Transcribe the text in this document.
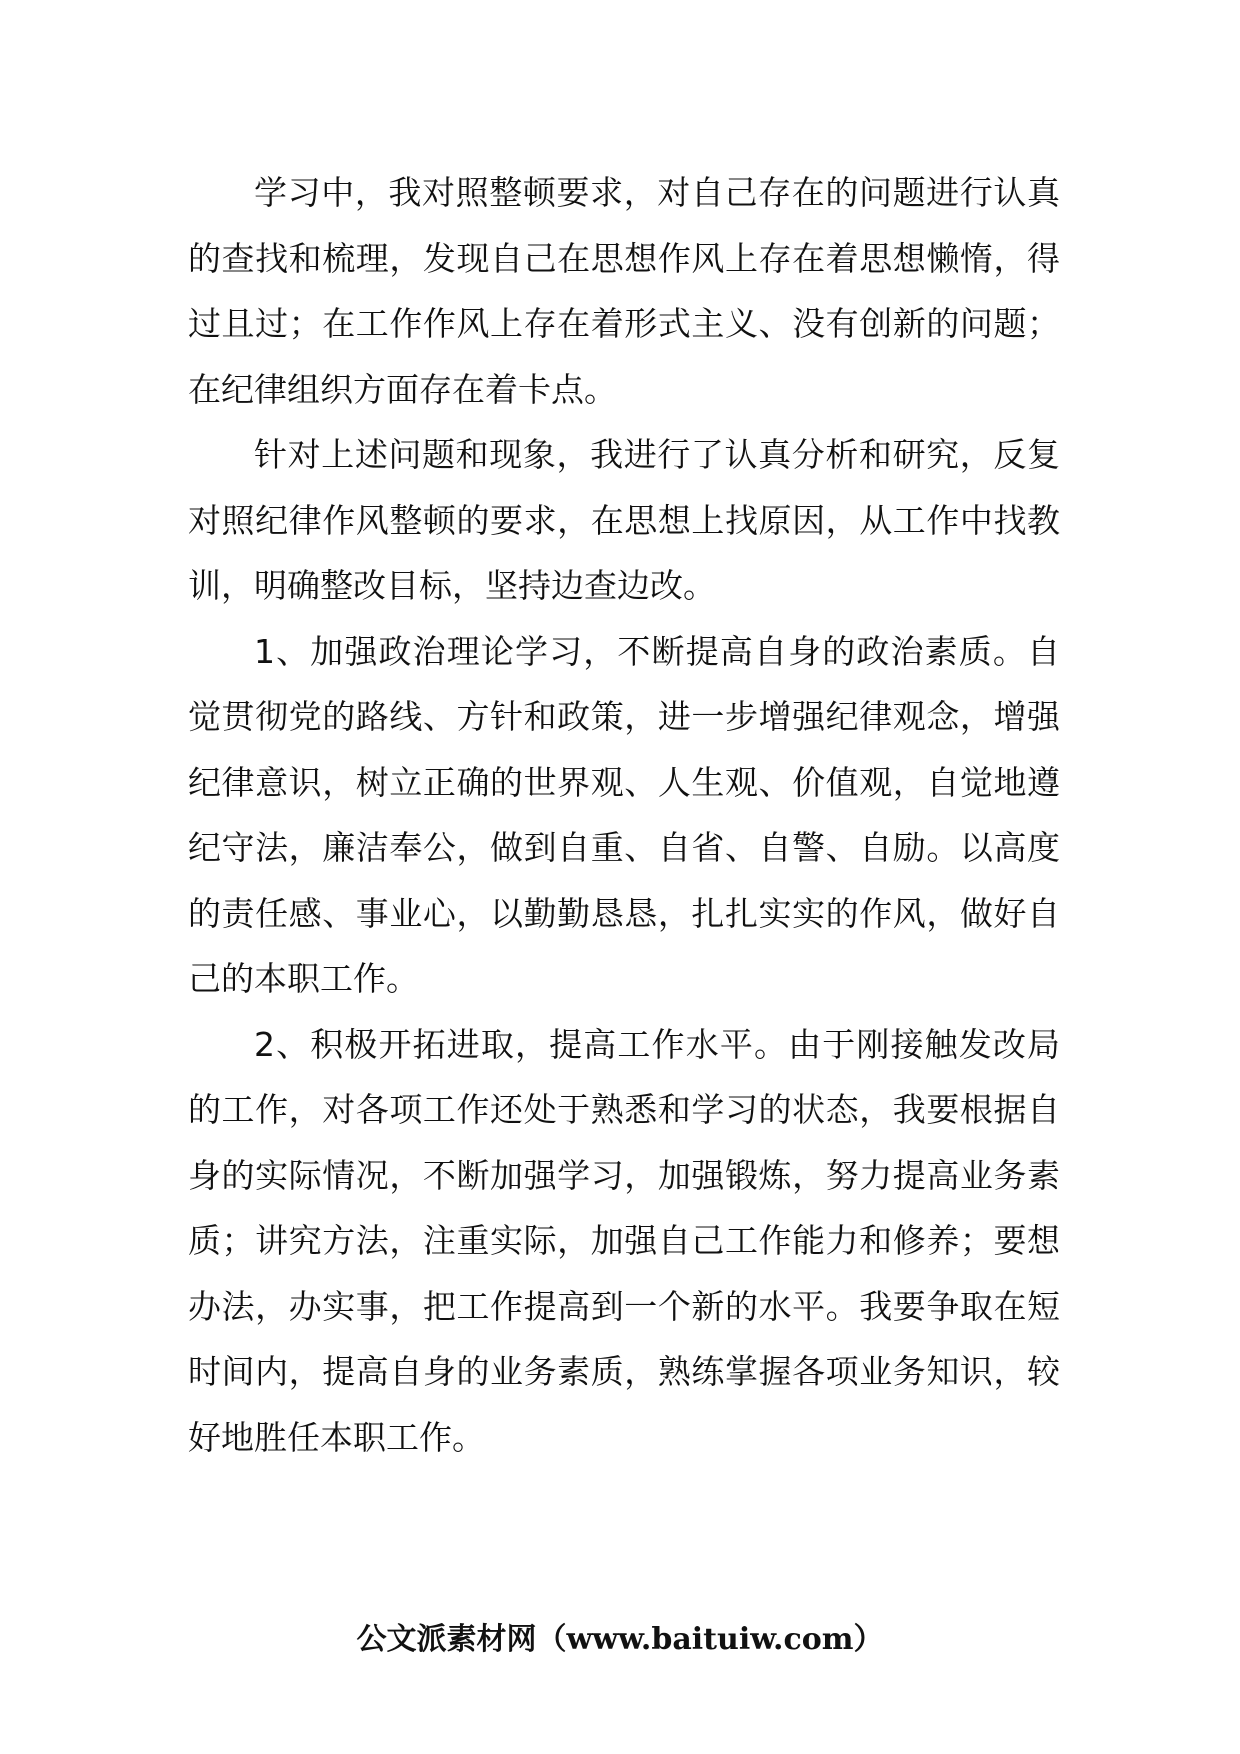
学习中，我对照整顿要求，对自己存在的问题进行认真的查找和梳理，发现自己在思想作风上存在着思想懒惰，得过且过；在工作作风上存在着形式主义、没有创新的问题；在纪律组织方面存在着卡点。

针对上述问题和现象，我进行了认真分析和研究，反复对照纪律作风整顿的要求，在思想上找原因，从工作中找教训，明确整改目标，坚持边查边改。

1、加强政治理论学习，不断提高自身的政治素质。自觉贯彻党的路线、方针和政策，进一步增强纪律观念，增强纪律意识，树立正确的世界观、人生观、价值观，自觉地遵纪守法，廉洁奉公，做到自重、自省、自警、自励。以高度的责任感、事业心，以勤勤恳恳，扎扎实实的作风，做好自己的本职工作。

2、积极开拓进取，提高工作水平。由于刚接触发改局的工作，对各项工作还处于熟悉和学习的状态，我要根据自身的实际情况，不断加强学习，加强锻炼，努力提高业务素质；讲究方法，注重实际，加强自己工作能力和修养；要想办法，办实事，把工作提高到一个新的水平。我要争取在短时间内，提高自身的业务素质，熟练掌握各项业务知识，较好地胜任本职工作。

公文派素材网（www.baituiw.com）
